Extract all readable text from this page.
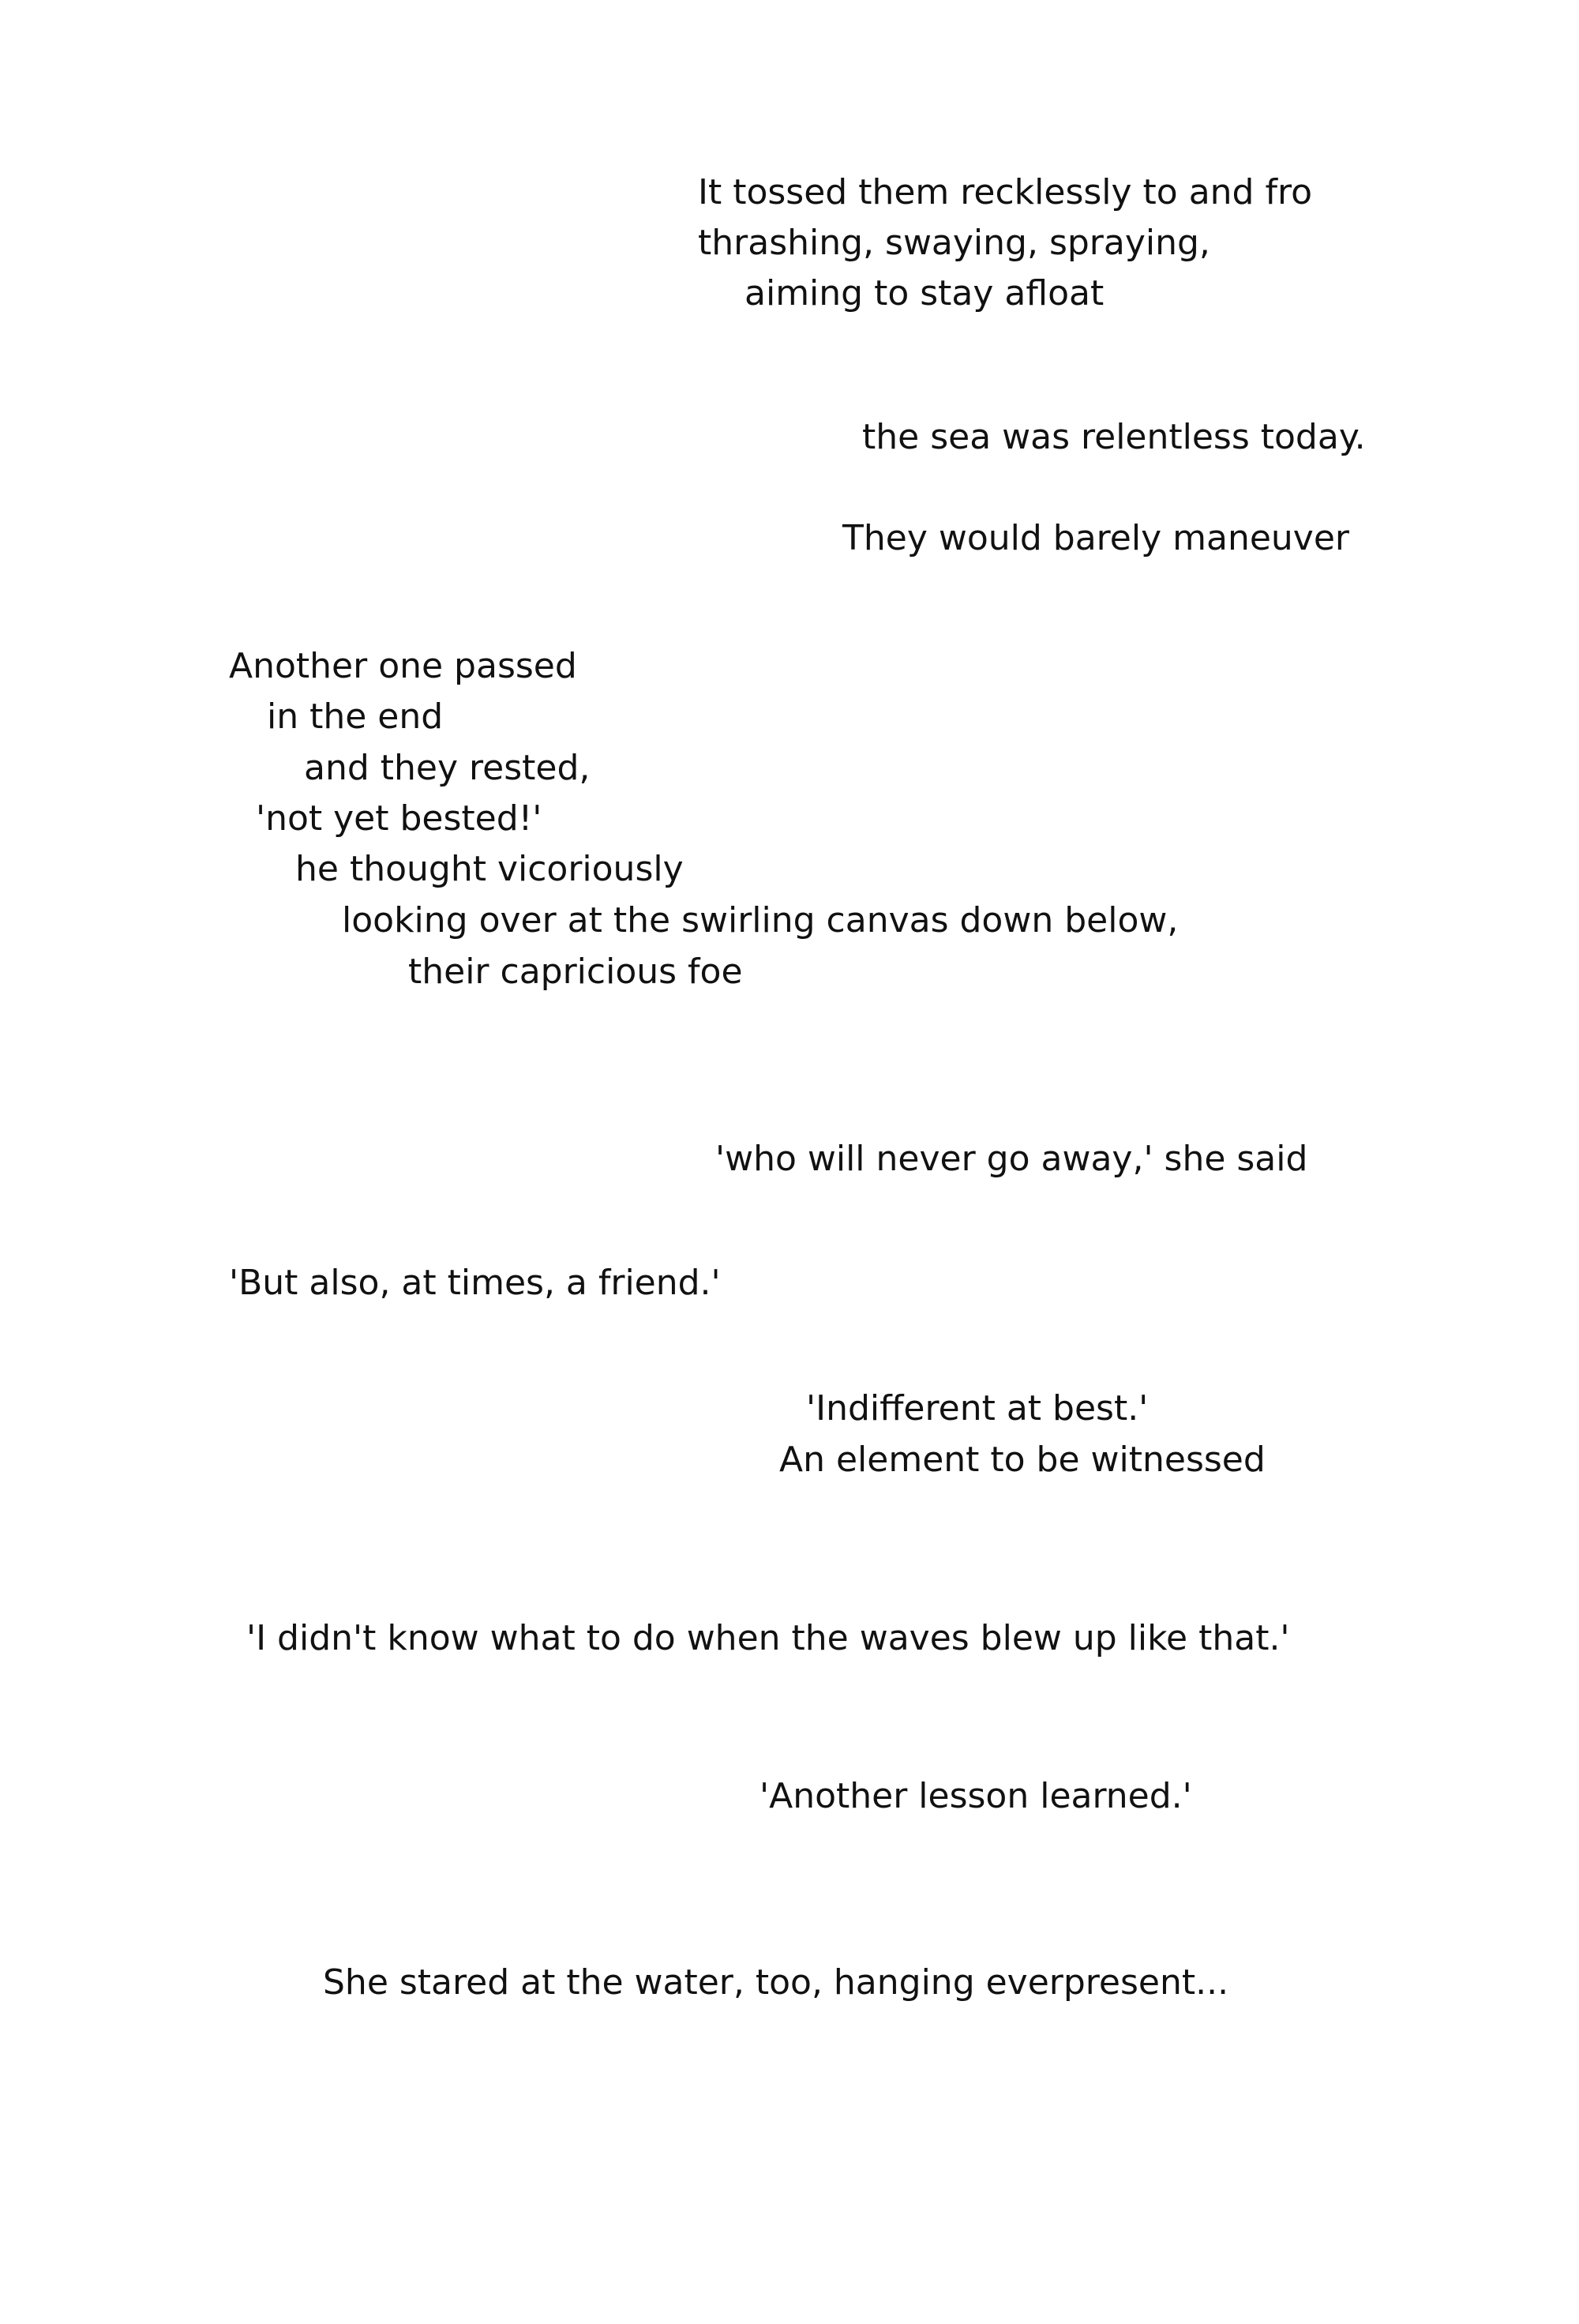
It tossed them recklessly to and fro
thrashing, swaying, spraying,
aiming to stay afloat
the sea was relentless today.
They would barely maneuver
Another one passed
in the end
and they rested,
'not yet bested!'
he thought vicoriously
looking over at the swirling canvas down below,
their capricious foe
'who will never go away,' she said
'But also, at times, a friend.'
'Indifferent at best.'
An element to be witnessed
'I didn't know what to do when the waves blew up like that.'
'Another lesson learned.'
She stared at the water, too, hanging everpresent...
